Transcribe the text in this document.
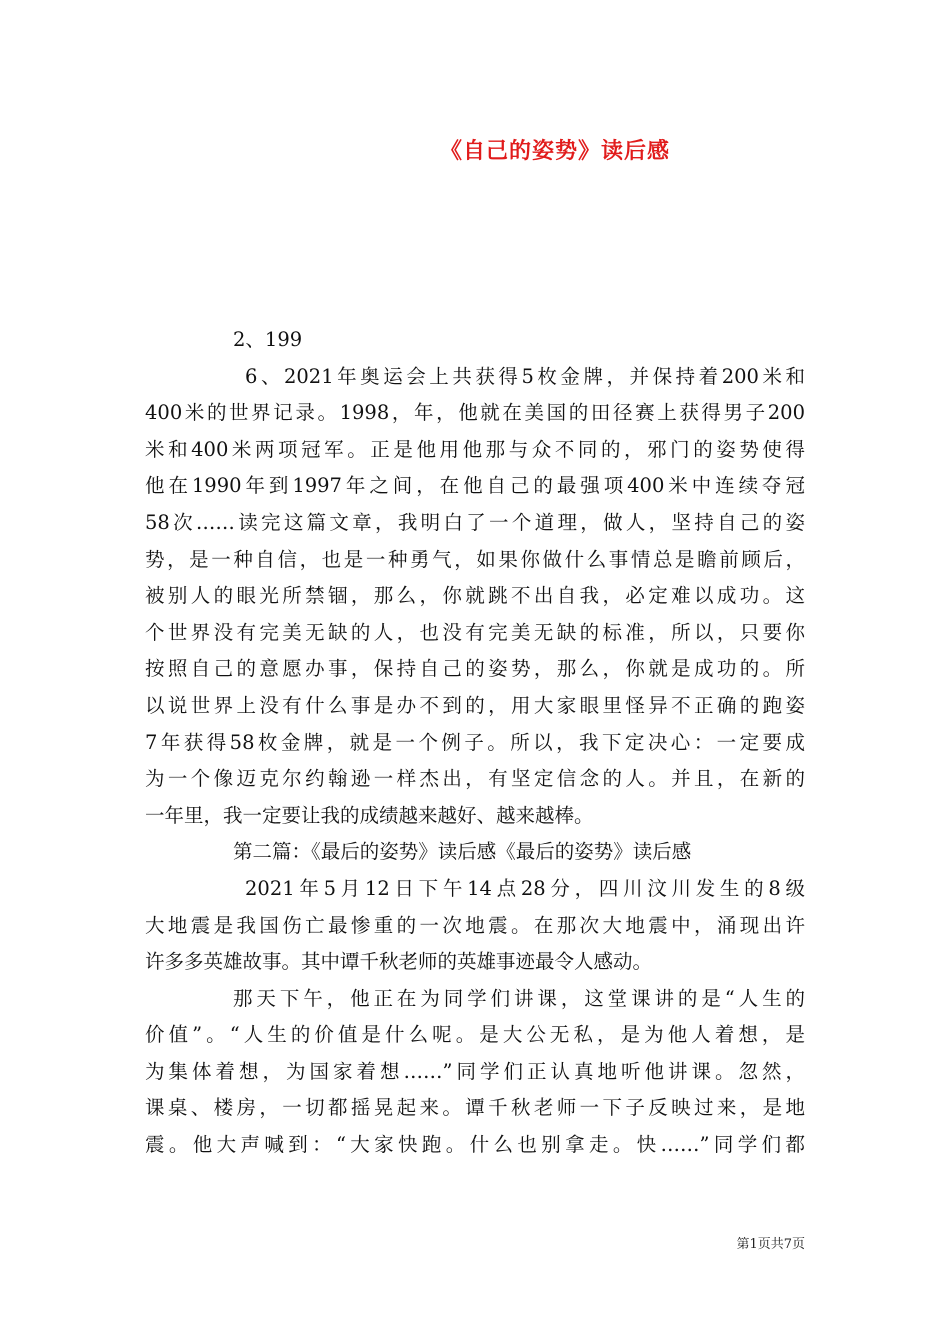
《自己的姿势》读后感
2、199
6、2021年奥运会上共获得5枚金牌，并保持着200米和
400米的世界记录。1998，年，他就在美国的田径赛上获得男子200
米和400米两项冠军。正是他用他那与众不同的，邪门的姿势使得
他在1990年到1997年之间，在他自己的最强项400米中连续夺冠
58次……读完这篇文章，我明白了一个道理，做人，坚持自己的姿
势，是一种自信，也是一种勇气，如果你做什么事情总是瞻前顾后，
被别人的眼光所禁锢，那么，你就跳不出自我，必定难以成功。这
个世界没有完美无缺的人，也没有完美无缺的标准，所以，只要你
按照自己的意愿办事，保持自己的姿势，那么，你就是成功的。所
以说世界上没有什么事是办不到的，用大家眼里怪异不正确的跑姿
7年获得58枚金牌，就是一个例子。所以，我下定决心：一定要成
为一个像迈克尔约翰逊一样杰出，有坚定信念的人。并且，在新的
一年里，我一定要让我的成绩越来越好、越来越棒。
第二篇：《最后的姿势》读后感《最后的姿势》读后感
2021年5月12日下午14点28分，四川汶川发生的8级
大地震是我国伤亡最惨重的一次地震。在那次大地震中，涌现出许
许多多英雄故事。其中谭千秋老师的英雄事迹最令人感动。
那天下午，他正在为同学们讲课，这堂课讲的是“人生的
价值”。“人生的价值是什么呢。是大公无私，是为他人着想，是
为集体着想，为国家着想……”同学们正认真地听他讲课。忽然，
课桌、楼房，一切都摇晃起来。谭千秋老师一下子反映过来，是地
震。他大声喊到：“大家快跑。什么也别拿走。快……”同学们都
第1页共7页
